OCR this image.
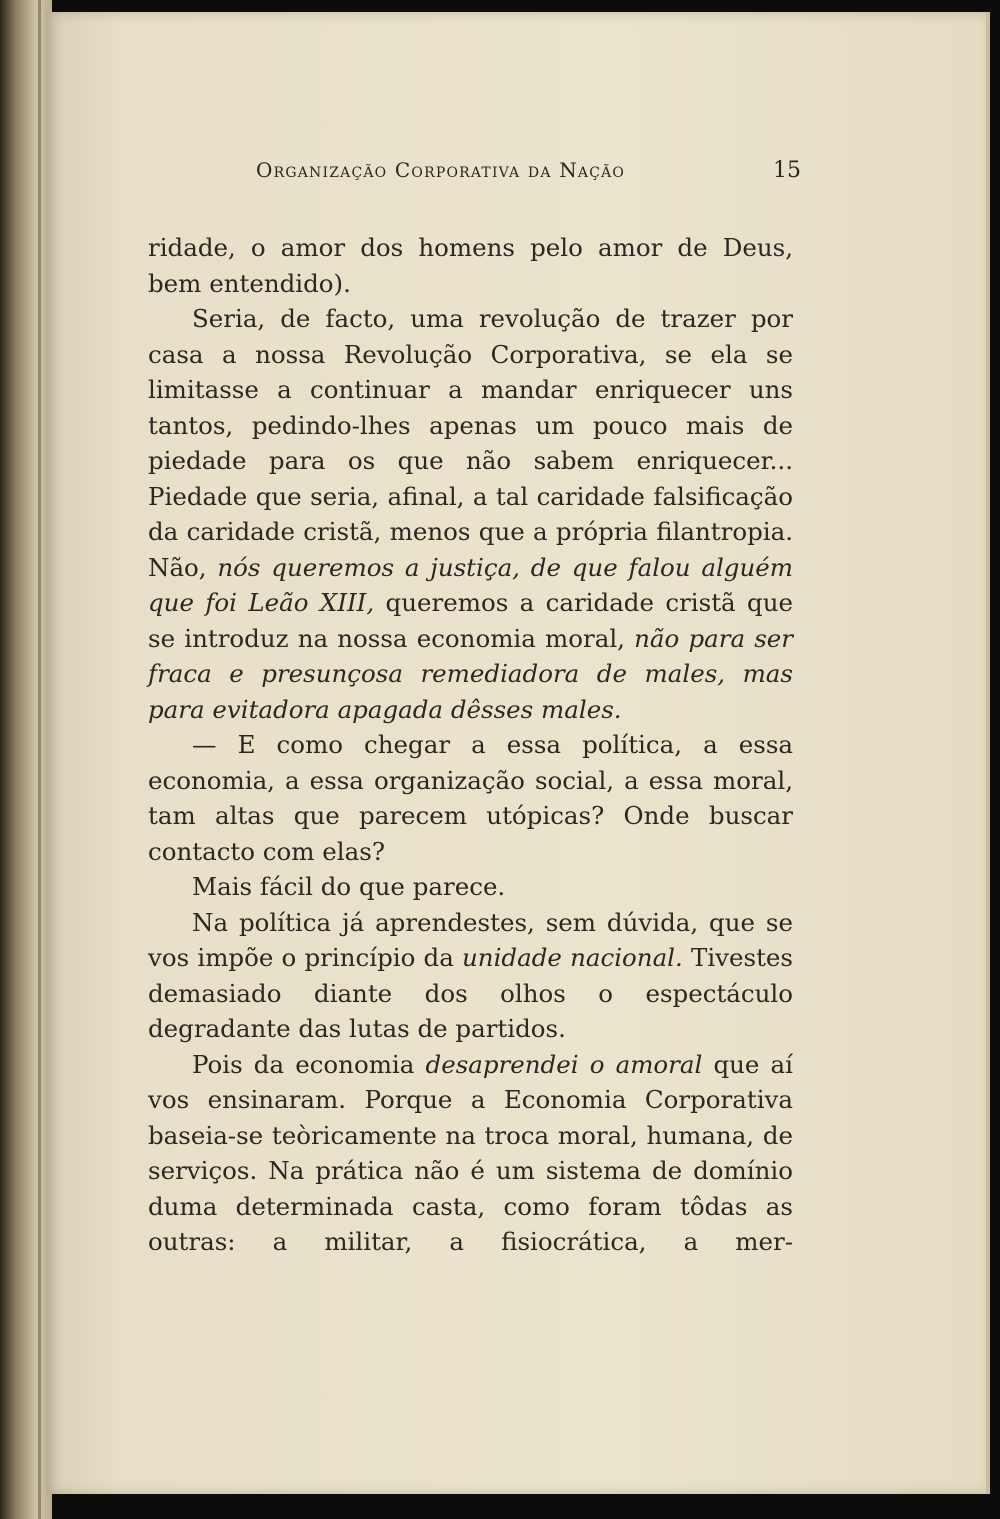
Organização Corporativa da Nação	15

ridade, o amor dos homens pelo amor de Deus, bem entendido).

Seria, de facto, uma revolução de trazer por casa a nossa Revolução Corporativa, se ela se limitasse a continuar a mandar enriquecer uns tantos, pedindo-lhes apenas um pouco mais de piedade para os que não sabem enriquecer... Piedade que seria, afinal, a tal caridade falsificação da caridade cristã, menos que a própria filantropia. Não, nós queremos a justiça, de que falou alguém que foi Leão XIII, queremos a caridade cristã que se introduz na nossa economia moral, não para ser fraca e presunçosa remediadora de males, mas para evitadora apagada dêsses males.

— E como chegar a essa política, a essa economia, a essa organização social, a essa moral, tam altas que parecem utópicas? Onde buscar contacto com elas?

Mais fácil do que parece.

Na política já aprendestes, sem dúvida, que se vos impõe o princípio da unidade nacional. Tivestes demasiado diante dos olhos o espectáculo degradante das lutas de partidos.

Pois da economia desaprendei o amoral que aí vos ensinaram. Porque a Economia Corporativa baseia-se teòricamente na troca moral, humana, de serviços. Na prática não é um sistema de domínio duma determinada casta, como foram tôdas as outras: a militar, a fisiocrática, a mer-
